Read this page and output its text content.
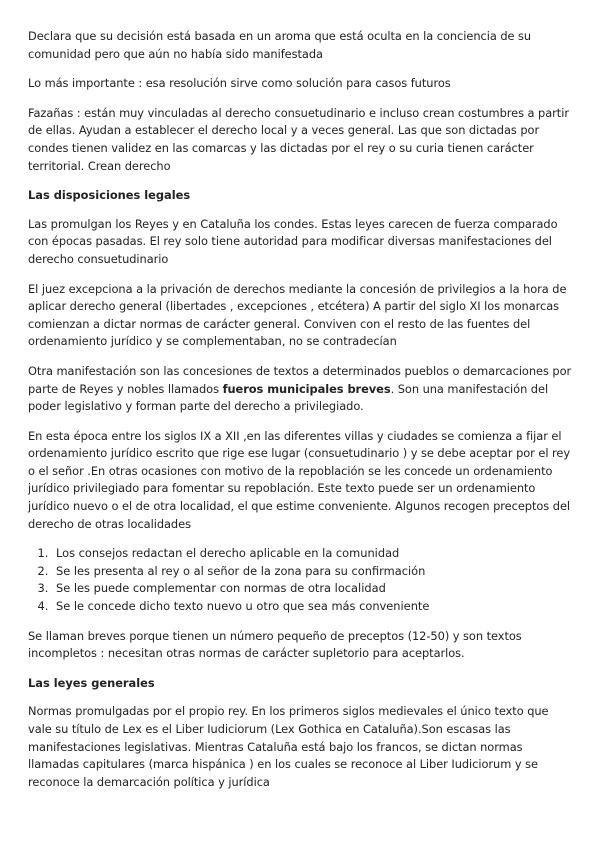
Declara que su decisión está basada en un aroma que está oculta en la conciencia de su comunidad pero que aún no había sido manifestada

Lo más importante : esa resolución sirve como solución para casos futuros

Fazañas : están muy vinculadas al derecho consuetudinario e incluso crean costumbres a partir de ellas. Ayudan a establecer el derecho local y a veces general. Las que son dictadas por condes tienen validez en las comarcas y las dictadas por el rey o su curia tienen carácter territorial. Crean derecho

Las disposiciones legales

Las promulgan los Reyes y en Cataluña los condes. Estas leyes carecen de fuerza comparado con épocas pasadas. El rey solo tiene autoridad para modificar diversas manifestaciones del derecho consuetudinario

El juez excepciona a la privación de derechos mediante la concesión de privilegios a la hora de aplicar derecho general (libertades , excepciones , etcétera) A partir del siglo XI los monarcas comienzan a dictar normas de carácter general. Conviven con el resto de las fuentes del ordenamiento jurídico y se complementaban, no se contradecían

Otra manifestación son las concesiones de textos a determinados pueblos o demarcaciones por parte de Reyes y nobles llamados fueros municipales breves. Son una manifestación del poder legislativo y forman parte del derecho a privilegiado.

En esta época entre los siglos IX a XII ,en las diferentes villas y ciudades se comienza a fijar el ordenamiento jurídico escrito que rige ese lugar (consuetudinario ) y se debe aceptar por el rey o el señor .En otras ocasiones con motivo de la repoblación se les concede un ordenamiento jurídico privilegiado para fomentar su repoblación. Este texto puede ser un ordenamiento jurídico nuevo o el de otra localidad, el que estime conveniente. Algunos recogen preceptos del derecho de otras localidades

1. Los consejos redactan el derecho aplicable en la comunidad
2. Se les presenta al rey o al señor de la zona para su confirmación
3. Se les puede complementar con normas de otra localidad
4. Se le concede dicho texto nuevo u otro que sea más conveniente

Se llaman breves porque tienen un número pequeño de preceptos (12-50) y son textos incompletos : necesitan otras normas de carácter supletorio para aceptarlos.

Las leyes generales

Normas promulgadas por el propio rey. En los primeros siglos medievales el único texto que vale su título de Lex es el Liber Iudiciorum (Lex Gothica en Cataluña).Son escasas las manifestaciones legislativas. Mientras Cataluña está bajo los francos, se dictan normas llamadas capitulares (marca hispánica ) en los cuales se reconoce al Liber Iudiciorum y se reconoce la demarcación política y jurídica
